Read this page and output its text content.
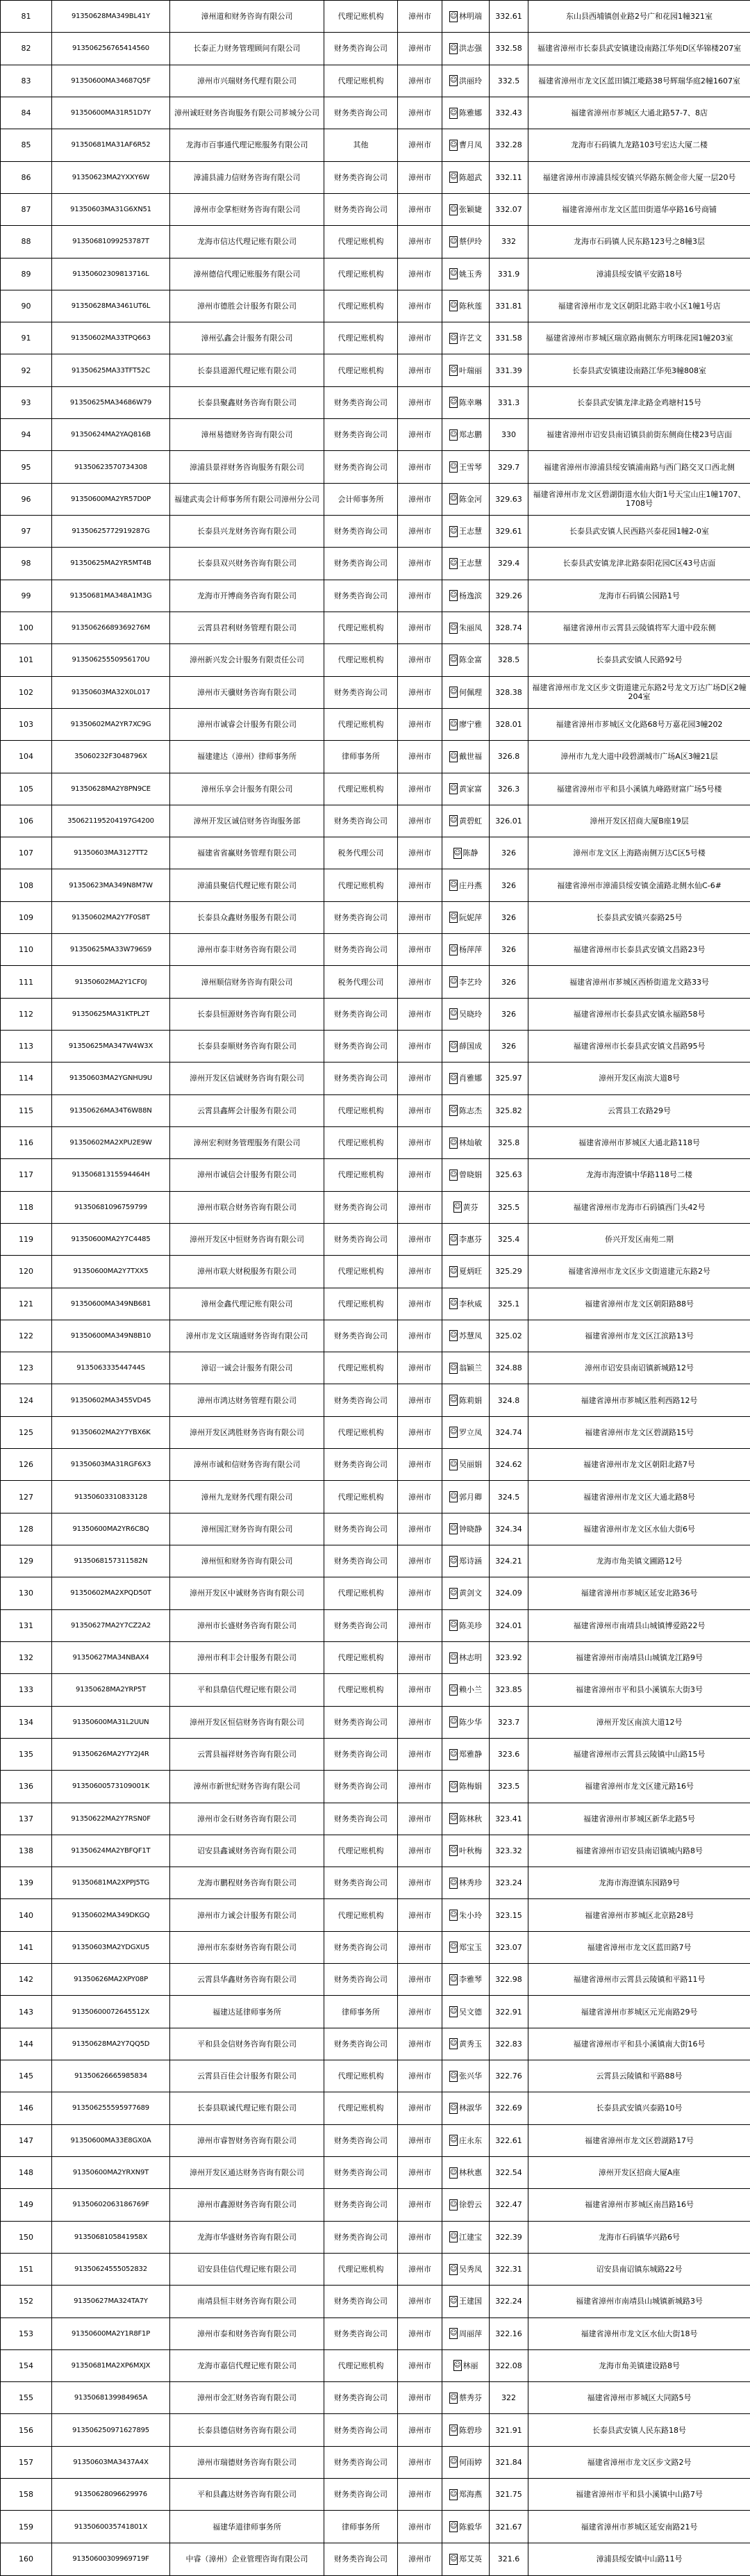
81	91350628MA349BL41Y	漳州道和财务咨询有限公司	代理记账机构	漳州市	☺ 林明端	332.61	东山县西埔镇创业路2号广和花园1幢321室
82	913506256765414560	长泰正力财务管理顾问有限公司	财务类咨询公司	漳州市	☺ 洪志强	332.58	福建省漳州市长泰县武安镇建设南路江华苑D区华锦楼207室
83	91350600MA34687Q5F	漳州市兴瑞财务代理有限公司	代理记账机构	漳州市	☺ 洪丽玲	332.5	福建省漳州市龙文区蓝田镇江墘路38号辉瑞华庭2幢1607室
84	91350600MA31R51D7Y	漳州诚旺财务咨询服务有限公司芗城分公司	财务类咨询公司	漳州市	☺ 陈雅娜	332.43	福建省漳州市芗城区大通北路57-7、8店
85	91350681MA31AF6R52	龙海市百事通代理记账服务有限公司	其他	漳州市	☺ 曹月凤	332.28	龙海市石码镇九龙路103号宏达大厦二楼
86	91350623MA2YXXY6W	漳浦县浦力信财务咨询有限公司	财务类咨询公司	漳州市	☺ 陈超武	332.11	福建省漳州市漳浦县绥安镇兴华路东侧金帝大厦一层20号
87	91350603MA31G6XN51	漳州市金掌柜财务咨询有限公司	财务类咨询公司	漳州市	☺ 张颖婕	332.07	福建省漳州市龙文区蓝田街道华亭路16号商铺
88	91350681099253787T	龙海市信达代理记账有限公司	代理记账机构	漳州市	☺ 蔡伊玲	332	龙海市石码镇人民东路123号之8幢3层
89	91350602309813716L	漳州德信代理记账服务有限公司	代理记账机构	漳州市	☺ 姚玉秀	331.9	漳浦县绥安镇平安路18号
90	91350628MA3461UT6L	漳州市德胜会计服务有限公司	代理记账机构	漳州市	☺ 陈秋莲	331.81	福建省漳州市龙文区朝阳北路丰收小区1幢1号店
91	91350602MA33TPQ663	漳州弘鑫会计服务有限公司	代理记账机构	漳州市	☺ 许艺文	331.58	福建省漳州市芗城区瑞京路南侧东方明珠花园1幢203室
92	91350625MA33TFT52C	长泰县道源代理记账有限公司	代理记账机构	漳州市	☺ 叶瑞丽	331.39	长泰县武安镇建设南路江华苑3幢808室
93	91350625MA34686W79	长泰县聚鑫财务咨询有限公司	财务类咨询公司	漳州市	☺ 陈幸琳	331.3	长泰县武安镇龙津北路金鸡塘村15号
94	91350624MA2YAQ816B	漳州易德财务咨询有限公司	财务类咨询公司	漳州市	☺ 郑志鹏	330	福建省漳州市诏安县南诏镇县前街东侧商住楼23号店面
95	91350623570734308	漳浦县景祥财务咨询服务有限公司	财务类咨询公司	漳州市	☺ 王雪琴	329.7	福建省漳州市漳浦县绥安镇浦南路与西门路交叉口西北侧
96	91350600MA2YR57D0P	福建武夷会计师事务所有限公司漳州分公司	会计师事务所	漳州市	☺ 陈金河	329.63	福建省漳州市龙文区碧湖街道水仙大街1号天宝山庄1幢1707、1708号
97	91350625772919287G	长泰县兴龙财务咨询有限公司	财务类咨询公司	漳州市	☺ 王志慧	329.61	长泰县武安镇人民西路兴泰花园1幢2-0室
98	91350625MA2YR5MT4B	长泰县双兴财务咨询有限公司	财务类咨询公司	漳州市	☺ 王志慧	329.4	长泰县武安镇龙津北路泰阳花园C区43号店面
99	91350681MA348A1M3G	龙海市开博商务咨询有限公司	财务类咨询公司	漳州市	☺ 杨逸滨	329.26	龙海市石码镇公园路1号
100	91350626689369276M	云霄县君利财务管理有限公司	代理记账机构	漳州市	☺ 朱丽凤	328.74	福建省漳州市云霄县云陵镇将军大道中段东侧
101	91350625550956170U	漳州新兴发会计服务有限责任公司	代理记账机构	漳州市	☺ 陈金富	328.5	长泰县武安镇人民路92号
102	91350603MA32X0L017	漳州市天骥财务咨询有限公司	财务类咨询公司	漳州市	☺ 何佩理	328.38	福建省漳州市龙文区步文街道建元东路2号龙文万达广场D区2幢204室
103	91350602MA2YR7XC9G	漳州市诚睿会计服务有限公司	代理记账机构	漳州市	☺ 廖宁雅	328.01	福建省漳州市芗城区文化路68号万嘉花园3幢202
104	35060232F3048796X	福建建达（漳州）律师事务所	律师事务所	漳州市	☺ 戴世福	326.8	漳州市九龙大道中段碧湖城市广场A区3幢21层
105	91350628MA2Y8PN9CE	漳州乐享会计服务有限公司	代理记账机构	漳州市	☺ 黄家富	326.3	福建省漳州市平和县小溪镇九峰路财富广场5号楼
106	350621195204197G4200	漳州开发区诚信财务咨询服务部	财务类咨询公司	漳州市	☺ 黄碧虹	326.01	漳州开发区招商大厦B座19层
107	91350603MA3127TT2	福建省省赢财务管理有限公司	税务代理公司	漳州市	☺ 陈静	326	漳州市龙文区上海路南侧万达C区5号楼
108	91350623MA349N8M7W	漳浦县聚信代理记账有限公司	代理记账机构	漳州市	☺ 庄丹燕	326	福建省漳州市漳浦县绥安镇金浦路北侧水仙C-6#
109	91350602MA2Y7F0S8T	长泰县众鑫财务服务有限公司	财务类咨询公司	漳州市	☺ 阮妮萍	326	长泰县武安镇兴泰路25号
110	91350625MA33W796S9	漳州市泰丰财务咨询有限公司	财务类咨询公司	漳州市	☺ 杨萍萍	326	福建省漳州市长泰县武安镇文昌路23号
111	91350602MA2Y1CF0J	漳州顺信财务咨询有限公司	税务代理公司	漳州市	☺ 李艺玲	326	福建省漳州市芗城区西桥街道龙文路33号
112	91350625MA31KTPL2T	长泰县恒源财务咨询有限公司	财务类咨询公司	漳州市	☺ 吴晓玲	326	福建省漳州市长泰县武安镇永福路58号
113	91350625MA347W4W3X	长泰县泰顺财务咨询有限公司	财务类咨询公司	漳州市	☺ 薛国成	326	福建省漳州市长泰县武安镇文昌路95号
114	91350603MA2YGNHU9U	漳州开发区信诚财务咨询有限公司	财务类咨询公司	漳州市	☺ 肖雅娜	325.97	漳州开发区南滨大道8号
115	91350626MA34T6W88N	云霄县鑫辉会计服务有限公司	代理记账机构	漳州市	☺ 陈志杰	325.82	云霄县工农路29号
116	91350602MA2XPU2E9W	漳州宏利财务管理服务有限公司	代理记账机构	漳州市	☺ 林灿敏	325.8	福建省漳州市芗城区大通北路118号
117	91350681315594464H	漳州市诚信会计服务有限公司	代理记账机构	漳州市	☺ 曾晓娟	325.63	龙海市海澄镇中华路118号二楼
118	91350681096759799	漳州市联合财务咨询有限公司	财务类咨询公司	漳州市	☺ 黄芬	325.5	福建省漳州市龙海市石码镇西门头42号
119	91350600MA2Y7C4485	漳州开发区中恒财务咨询有限公司	财务类咨询公司	漳州市	☺ 李惠芬	325.4	侨兴开发区南苑二期
120	91350600MA2Y7TXX5	漳州市联大财税服务有限公司	代理记账机构	漳州市	☺ 夏炳旺	325.29	福建省漳州市龙文区步文街道建元东路2号
121	91350600MA349NB681	漳州金鑫代理记账有限公司	代理记账机构	漳州市	☺ 李秋威	325.1	福建省漳州市龙文区朝阳路88号
122	91350600MA349N8B10	漳州市龙文区瑞通财务咨询有限公司	财务类咨询公司	漳州市	☺ 苏慧凤	325.02	福建省漳州市龙文区江滨路13号
123	913506333544744S	漳诏一诚会计服务有限公司	代理记账机构	漳州市	☺ 翁颖兰	324.88	漳州市诏安县南诏镇新城路12号
124	91350602MA3455VD45	漳州市鸿达财务管理有限公司	财务类咨询公司	漳州市	☺ 陈莉娟	324.8	福建省漳州市芗城区胜利西路12号
125	91350602MA2Y7YBX6K	漳州开发区鸿胜财务咨询有限公司	代理记账机构	漳州市	☺ 罗立凤	324.74	福建省漳州市龙文区碧湖路15号
126	91350603MA31RGF6X3	漳州市诚和信财务咨询有限公司	财务类咨询公司	漳州市	☺ 吴丽娟	324.62	福建省漳州市龙文区朝阳北路7号
127	91350603310833128	漳州九龙财务代理有限公司	代理记账机构	漳州市	☺ 郭月卿	324.5	福建省漳州市龙文区大通北路8号
128	91350600MA2YR6C8Q	漳州国汇财务咨询有限公司	财务类咨询公司	漳州市	☺ 钟晓静	324.34	福建省漳州市龙文区水仙大街6号
129	9135068157311582N	漳州恒和财务咨询有限公司	财务类咨询公司	漳州市	☺ 郑诗涵	324.21	龙海市角美镇文圃路12号
130	91350602MA2XPQD50T	漳州开发区中诚财务咨询有限公司	代理记账机构	漳州市	☺ 黄剑文	324.09	福建省漳州市芗城区延安北路36号
131	91350627MA2Y7CZ2A2	漳州市长盛财务咨询有限公司	财务类咨询公司	漳州市	☺ 陈美珍	324.01	福建省漳州市南靖县山城镇博爱路22号
132	91350627MA34NBAX4	漳州市利丰会计服务有限公司	代理记账机构	漳州市	☺ 林志明	323.92	福建省漳州市南靖县山城镇龙江路9号
133	91350628MA2YRP5T	平和县鼎信代理记账有限公司	代理记账机构	漳州市	☺ 赖小兰	323.85	福建省漳州市平和县小溪镇东大街3号
134	91350600MA31L2UUN	漳州开发区恒信财务咨询有限公司	财务类咨询公司	漳州市	☺ 陈少华	323.7	漳州开发区南滨大道12号
135	91350626MA2Y7Y2J4R	云霄县福祥财务咨询有限公司	财务类咨询公司	漳州市	☺ 郑雅静	323.6	福建省漳州市云霄县云陵镇中山路15号
136	91350600573109001K	漳州市新世纪财务咨询有限公司	财务类咨询公司	漳州市	☺ 陈梅娟	323.5	福建省漳州市龙文区建元路16号
137	91350622MA2Y7RSN0F	漳州市金石财务咨询有限公司	财务类咨询公司	漳州市	☺ 陈林秋	323.41	福建省漳州市芗城区新华北路5号
138	91350624MA2YBFQF1T	诏安县鑫诚财务咨询有限公司	代理记账机构	漳州市	☺ 叶秋梅	323.32	福建省漳州市诏安县南诏镇城内路8号
139	91350681MA2XPPJ5TG	龙海市鹏程财务咨询有限公司	财务类咨询公司	漳州市	☺ 林秀珍	323.24	龙海市海澄镇东园路9号
140	91350602MA349DKGQ	漳州市力诚会计服务有限公司	代理记账机构	漳州市	☺ 朱小玲	323.15	福建省漳州市芗城区北京路28号
141	91350603MA2YDGXU5	漳州市东泰财务咨询有限公司	财务类咨询公司	漳州市	☺ 郑宝玉	323.07	福建省漳州市龙文区蓝田路7号
142	91350626MA2XPY08P	云霄县华鑫财务咨询有限公司	财务类咨询公司	漳州市	☺ 李雅琴	322.98	福建省漳州市云霄县云陵镇和平路11号
143	91350600072645512X	福建达延律师事务所	律师事务所	漳州市	☺ 吴文德	322.91	福建省漳州市芗城区元光南路29号
144	91350628MA2Y7QQ5D	平和县金信财务咨询有限公司	财务类咨询公司	漳州市	☺ 黄秀玉	322.83	福建省漳州市平和县小溪镇南大街16号
145	91350626665985834	云霄县百佳会计服务有限公司	代理记账机构	漳州市	☺ 张兴华	322.76	云霄县云陵镇和平路88号
146	913506255595977689	长泰县联诚代理记账有限公司	代理记账机构	漳州市	☺ 林淑华	322.69	长泰县武安镇兴泰路10号
147	91350600MA33E8GX0A	漳州市睿智财务咨询有限公司	财务类咨询公司	漳州市	☺ 庄永东	322.61	福建省漳州市龙文区碧湖路17号
148	91350600MA2YRXN9T	漳州开发区通达财务咨询有限公司	财务类咨询公司	漳州市	☺ 林秋惠	322.54	漳州开发区招商大厦A座
149	91350602063186769F	漳州市鑫源财务咨询有限公司	财务类咨询公司	漳州市	☺ 徐碧云	322.47	福建省漳州市芗城区南昌路16号
150	9135068105841958X	龙海市华盛财务咨询有限公司	财务类咨询公司	漳州市	☺ 江建宝	322.39	龙海市石码镇华兴路6号
151	91350624555052832	诏安县佳信代理记账有限公司	代理记账机构	漳州市	☺ 吴秀凤	322.31	诏安县南诏镇东城路22号
152	91350627MA324TA7Y	南靖县恒丰财务咨询有限公司	财务类咨询公司	漳州市	☺ 王建国	322.24	福建省漳州市南靖县山城镇新城路3号
153	91350600MA2Y1R8F1P	漳州市泰和财务咨询有限公司	财务类咨询公司	漳州市	☺ 周丽萍	322.16	福建省漳州市龙文区水仙大街18号
154	91350681MA2XP6MXJX	龙海市嘉信代理记账有限公司	代理记账机构	漳州市	☺ 林丽	322.08	龙海市角美镇建设路8号
155	9135068139984965A	漳州市金汇财务咨询有限公司	财务类咨询公司	漳州市	☺ 蔡秀芬	322	福建省漳州市芗城区大同路5号
156	913506250971627895	长泰县德信财务咨询有限公司	财务类咨询公司	漳州市	☺ 陈碧珍	321.91	长泰县武安镇人民东路18号
157	91350603MA3437A4X	漳州市瑞德财务咨询有限公司	财务类咨询公司	漳州市	☺ 何雨婷	321.84	福建省漳州市龙文区步文路2号
158	91350628096629976	平和县鑫达财务咨询有限公司	财务类咨询公司	漳州市	☺ 郑海燕	321.75	福建省漳州市平和县小溪镇中山路7号
159	9135060035741801X	福建华道律师事务所	律师事务所	漳州市	☺ 陈毅华	321.67	福建省漳州市芗城区延安南路21号
160	91350600309969719F	中睿（漳州）企业管理咨询有限公司	财务类咨询公司	漳州市	☺ 郑艾英	321.6	漳浦县绥安镇中山路11号
